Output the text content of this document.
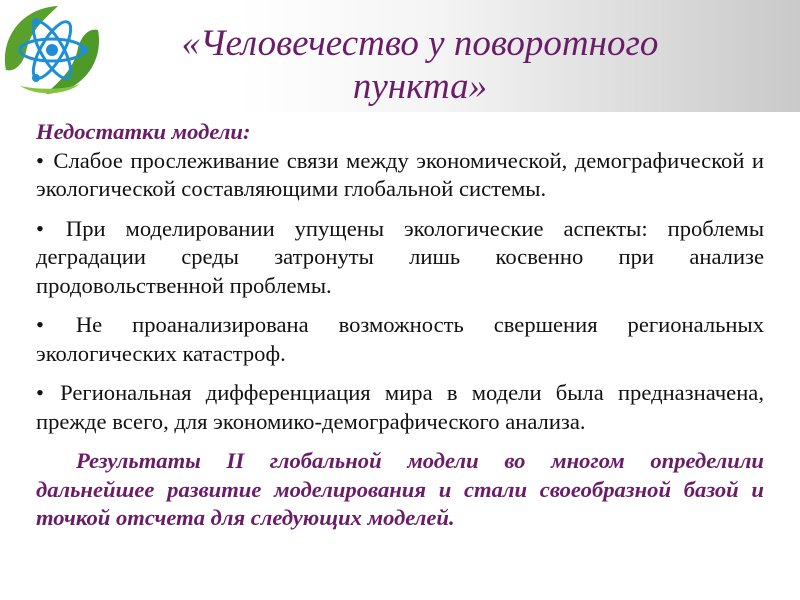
«Человечество у поворотного пункта»

Недостатки модели:

• Слабое прослеживание связи между экономической, демографической и экологической составляющими глобальной системы.

• При моделировании упущены экологические аспекты: проблемы деградации среды затронуты лишь косвенно при анализе продовольственной проблемы.

• Не проанализирована возможность свершения региональных экологических катастроф.

• Региональная дифференциация мира в модели была предназначена, прежде всего, для экономико-демографического анализа.

Результаты II глобальной модели во многом определили дальнейшее развитие моделирования и стали своеобразной базой и точкой отсчета для следующих моделей.
